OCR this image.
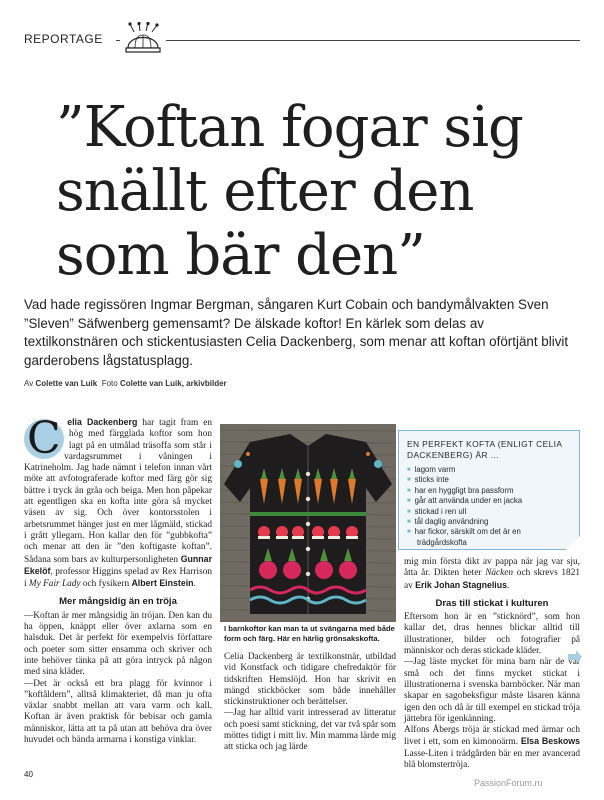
REPORTAGE
”Koftan fogar sig
snällt efter den
som bär den”

Vad hade regissören Ingmar Bergman, sångaren Kurt Cobain och bandymålvakten Sven ”Sleven” Säfwenberg gemensamt? De älskade koftor! En kärlek som delas av textilkonstnären och stickentusiasten Celia Dackenberg, som menar att koftan oförtjänt blivit garderobens lågstatusplagg.

Av Colette van Luik Foto Colette van Luik, arkivbilder

C elia Dackenberg har tagit fram en hög med färgglada koftor som hon lagt på en utmålad träsoffa som står i vardagsrummet i våningen i Katrineholm. Jag hade nämnt i telefon innan vårt möte att avfotograferade koftor med färg gör sig bättre i tryck än gråa och beiga. Men hon påpekar att egentligen ska en kofta inte göra så mycket väsen av sig. Och över kontorsstolen i arbetsrummet hänger just en mer lågmäld, stickad i grått yllegarn. Hon kallar den för ”gubbkofta” och menar att den är ”den koftigaste koftan”. Sådana som bars av kulturpersonligheten Gunnar Ekelöf, professor Higgins spelad av Rex Harrison i My Fair Lady och fysikern Albert Einstein.

Mer mångsidig än en tröja

—Koftan är mer mångsidig än tröjan. Den kan du ha öppen, knäppt eller över axlarna som en halsduk. Det är perfekt för exempelvis författare och poeter som sitter ensamma och skriver och inte behöver tänka på att göra intryck på någon med sina kläder.

—Det är också ett bra plagg för kvinnor i ”koftåldern”, alltså klimakteriet, då man ju ofta växlar snabbt mellan att vara varm och kall. Koftan är även praktisk för bebisar och gamla människor, lätta att ta på utan att behöva dra över huvudet och bända armarna i konstiga vinklar.

I barnkoftor kan man ta ut svängarna med både form och färg. Här en härlig grönsakskofta.

Celia Dackenberg är textilkonstnär, utbildad vid Konstfack och tidigare chefredaktör för tidskriften Hemslöjd. Hon har skrivit en mängd stickböcker som både innehåller stickinstruktioner och berättelser.

—Jag har alltid varit intresserad av litteratur och poesi samt stickning, det var två spår som möttes tidigt i mitt liv. Min mamma lärde mig att sticka och jag lärde

EN PERFEKT KOFTA (ENLIGT CELIA DACKENBERG) ÄR ...
■ lagom varm
■ sticks inte
■ har en hyggligt bra passform
■ går att använda under en jacka
■ stickad i ren ull
■ tål daglig användning
■ har fickor, särskilt om det är en
trädgårdskofta

mig min första dikt av pappa när jag var sju, åtta år. Dikten heter Näcken och skrevs 1821 av Erik Johan Stagnelius.

Dras till stickat i kulturen

Eftersom hon är en ”sticknörd”, som hon kallar det, dras hennes blickar alltid till illustrationer, bilder och fotografier på människor och deras stickade kläder.

—Jag läste mycket för mina barn när de var små och det finns mycket stickat i illustrationerna i svenska barnböcker. När man skapar en sagobeksfigur måste läsaren känna igen den och då är till exempel en stickad tröja jättebra för igenkänning.

Alfons Åbergs tröja är stickad med ärmar och livet i ett, som en kimonoärm. Elsa Beskows Lasse-Liten i trädgården bär en mer avancerad blå blomstertröja.

40
PassionForum.ru
